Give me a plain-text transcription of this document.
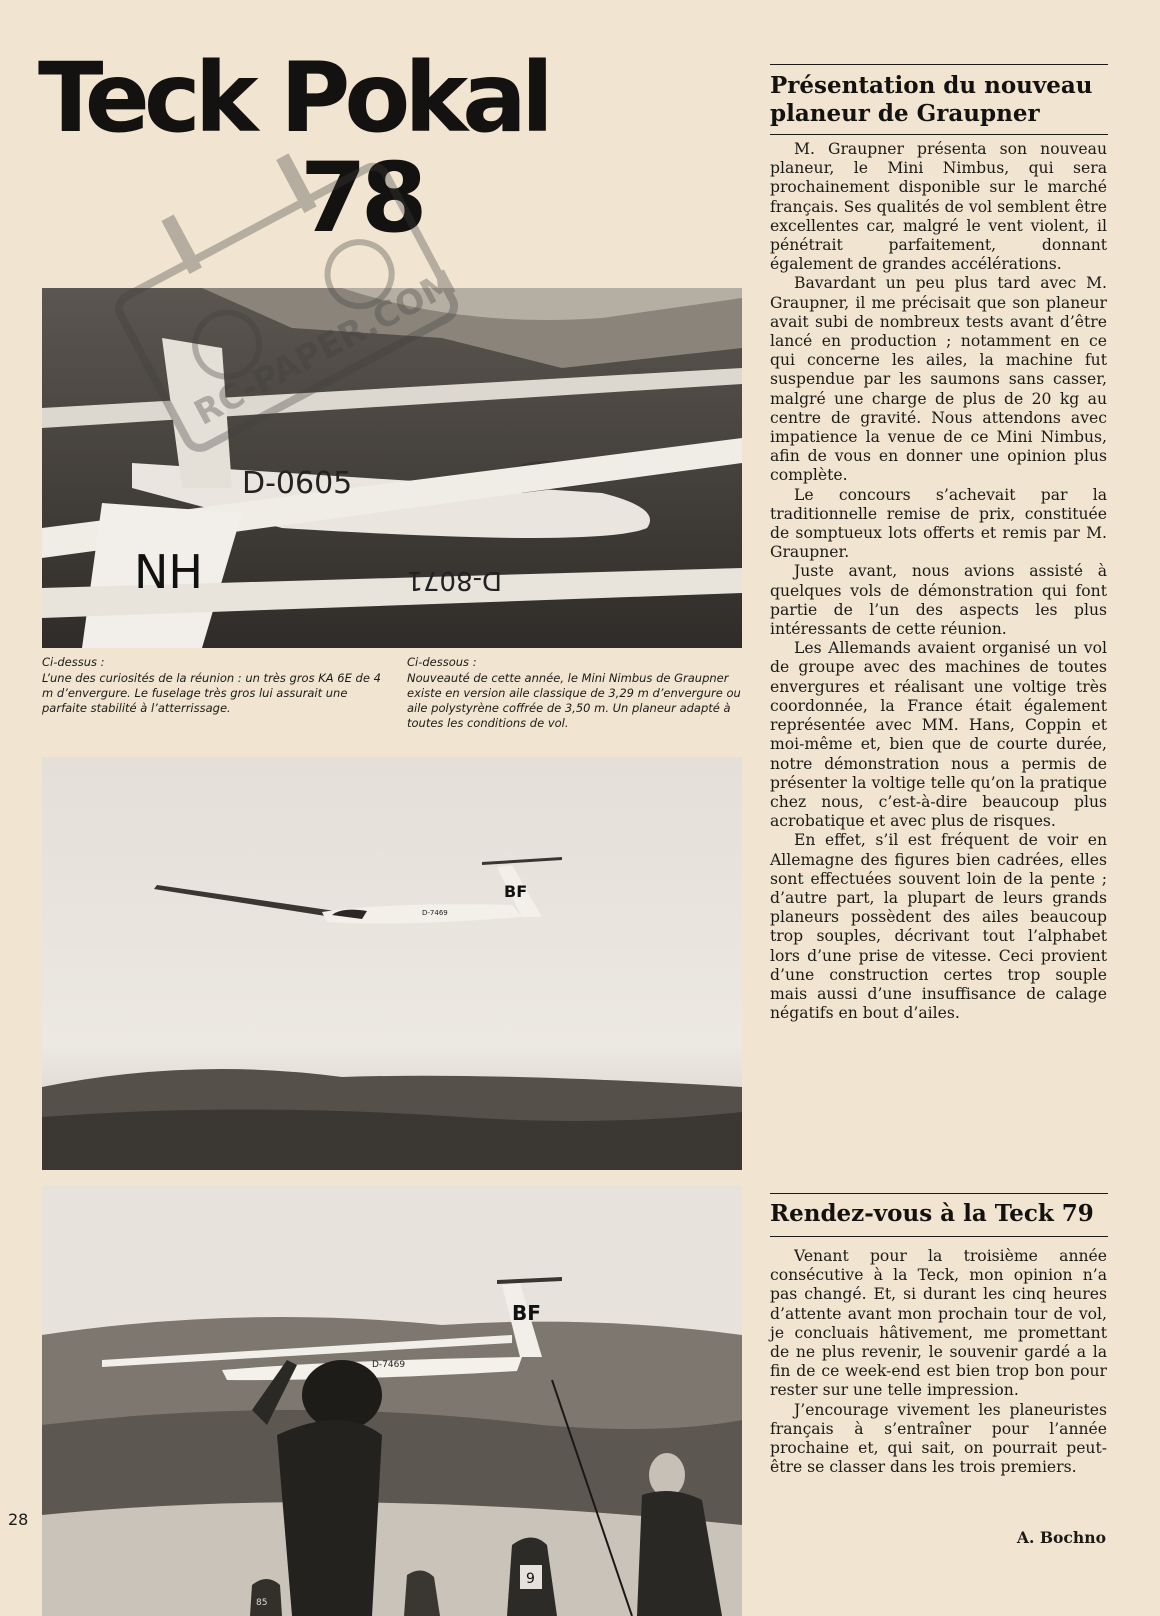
Teck Pokal
78
D-0605
NH	D-8071
Ci-dessus :
L’une des curiosités de la réunion : un très gros KA 6E de 4 m d’envergure. Le fuselage très gros lui assurait une parfaite stabilité à l’atterrissage.
Ci-dessous :
Nouveauté de cette année, le Mini Nimbus de Graupner existe en version aile classique de 3,29 m d’envergure ou aile polystyrène coffrée de 3,50 m. Un planeur adapté à toutes les conditions de vol.
BF
D-7469
BF
D-7469
9
85
RC-PAPER.COM
Présentation du nouveau planeur de Graupner

M. Graupner présenta son nouveau planeur, le Mini Nimbus, qui sera prochainement disponible sur le marché français. Ses qualités de vol semblent être excellentes car, malgré le vent violent, il pénétrait parfaitement, donnant également de grandes accélérations.

Bavardant un peu plus tard avec M. Graupner, il me précisait que son planeur avait subi de nombreux tests avant d’être lancé en production ; notamment en ce qui concerne les ailes, la machine fut suspendue par les saumons sans casser, malgré une charge de plus de 20 kg au centre de gravité. Nous attendons avec impatience la venue de ce Mini Nimbus, afin de vous en donner une opinion plus complète.

Le concours s’achevait par la traditionnelle remise de prix, constituée de somptueux lots offerts et remis par M. Graupner.

Juste avant, nous avions assisté à quelques vols de démonstration qui font partie de l’un des aspects les plus intéressants de cette réunion.

Les Allemands avaient organisé un vol de groupe avec des machines de toutes envergures et réalisant une voltige très coordonnée, la France était également représentée avec MM. Hans, Coppin et moi-même et, bien que de courte durée, notre démonstration nous a permis de présenter la voltige telle qu’on la pratique chez nous, c’est-à-dire beaucoup plus acrobatique et avec plus de risques.

En effet, s’il est fréquent de voir en Allemagne des figures bien cadrées, elles sont effectuées souvent loin de la pente ; d’autre part, la plupart de leurs grands planeurs possèdent des ailes beaucoup trop souples, décrivant tout l’alphabet lors d’une prise de vitesse. Ceci provient d’une construction certes trop souple mais aussi d’une insuffisance de calage négatifs en bout d’ailes.

Rendez-vous à la Teck 79

Venant pour la troisième année consécutive à la Teck, mon opinion n’a pas changé. Et, si durant les cinq heures d’attente avant mon prochain tour de vol, je concluais hâtivement, me promettant de ne plus revenir, le souvenir gardé a la fin de ce week-end est bien trop bon pour rester sur une telle impression.

J’encourage vivement les planeuristes français à s’entraîner pour l’année prochaine et, qui sait, on pourrait peut-être se classer dans les trois premiers.

A. Bochno
28
